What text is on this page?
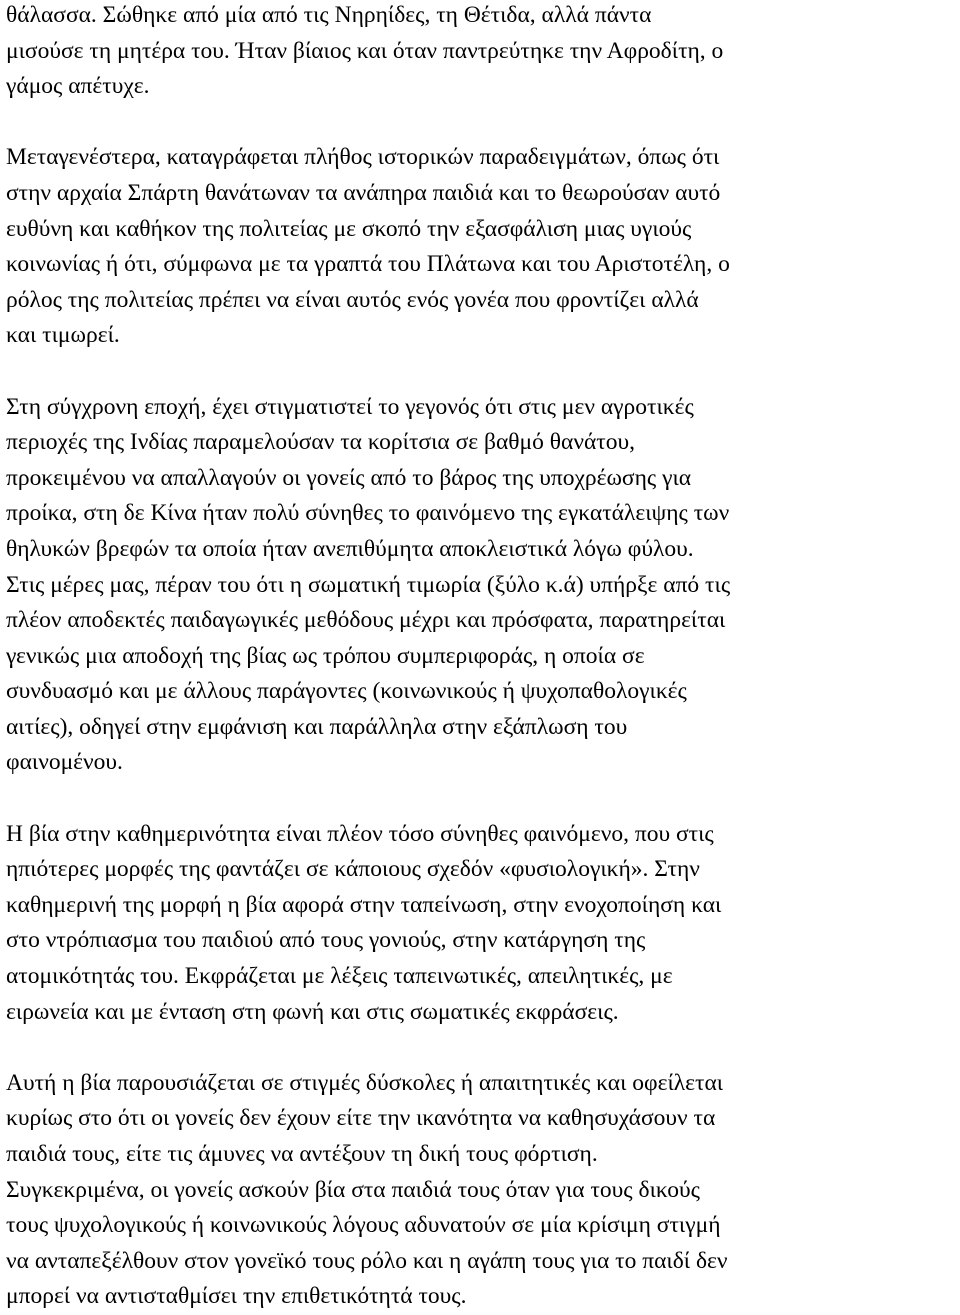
θάλασσα. Σώθηκε από μία από τις Νηρηίδες, τη Θέτιδα, αλλά πάντα
μισούσε τη μητέρα του. Ήταν βίαιος και όταν παντρεύτηκε την Αφροδίτη, ο
γάμος απέτυχε.
Μεταγενέστερα, καταγράφεται πλήθος ιστορικών παραδειγμάτων, όπως ότι
στην αρχαία Σπάρτη θανάτωναν τα ανάπηρα παιδιά και το θεωρούσαν αυτό
ευθύνη και καθήκον της πολιτείας με σκοπό την εξασφάλιση μιας υγιούς
κοινωνίας ή ότι, σύμφωνα με τα γραπτά του Πλάτωνα και του Αριστοτέλη, ο
ρόλος της πολιτείας πρέπει να είναι αυτός ενός γονέα που φροντίζει αλλά
και τιμωρεί.
Στη σύγχρονη εποχή, έχει στιγματιστεί το γεγονός ότι στις μεν αγροτικές
περιοχές της Ινδίας παραμελούσαν τα κορίτσια σε βαθμό θανάτου,
προκειμένου να απαλλαγούν οι γονείς από το βάρος της υποχρέωσης για
προίκα, στη δε Κίνα ήταν πολύ σύνηθες το φαινόμενο της εγκατάλειψης των
θηλυκών βρεφών τα οποία ήταν ανεπιθύμητα αποκλειστικά λόγω φύλου.
Στις μέρες μας, πέραν του ότι η σωματική τιμωρία (ξύλο κ.ά) υπήρξε από τις
πλέον αποδεκτές παιδαγωγικές μεθόδους μέχρι και πρόσφατα, παρατηρείται
γενικώς μια αποδοχή της βίας ως τρόπου συμπεριφοράς, η οποία σε
συνδυασμό και με άλλους παράγοντες (κοινωνικούς ή ψυχοπαθολογικές
αιτίες), οδηγεί στην εμφάνιση και παράλληλα στην εξάπλωση του
φαινομένου.
Η βία στην καθημερινότητα είναι πλέον τόσο σύνηθες φαινόμενο, που στις
ηπιότερες μορφές της φαντάζει σε κάποιους σχεδόν «φυσιολογική». Στην
καθημερινή της μορφή η βία αφορά στην ταπείνωση, στην ενοχοποίηση και
στο ντρόπιασμα του παιδιού από τους γονιούς, στην κατάργηση της
ατομικότητάς του. Εκφράζεται με λέξεις ταπεινωτικές, απειλητικές, με
ειρωνεία και με ένταση στη φωνή και στις σωματικές εκφράσεις.
Αυτή η βία παρουσιάζεται σε στιγμές δύσκολες ή απαιτητικές και οφείλεται
κυρίως στο ότι οι γονείς δεν έχουν είτε την ικανότητα να καθησυχάσουν τα
παιδιά τους, είτε τις άμυνες να αντέξουν τη δική τους φόρτιση.
Συγκεκριμένα, οι γονείς ασκούν βία στα παιδιά τους όταν για τους δικούς
τους ψυχολογικούς ή κοινωνικούς λόγους αδυνατούν σε μία κρίσιμη στιγμή
να ανταπεξέλθουν στον γονεϊκό τους ρόλο και η αγάπη τους για το παιδί δεν
μπορεί να αντισταθμίσει την επιθετικότητά τους.
